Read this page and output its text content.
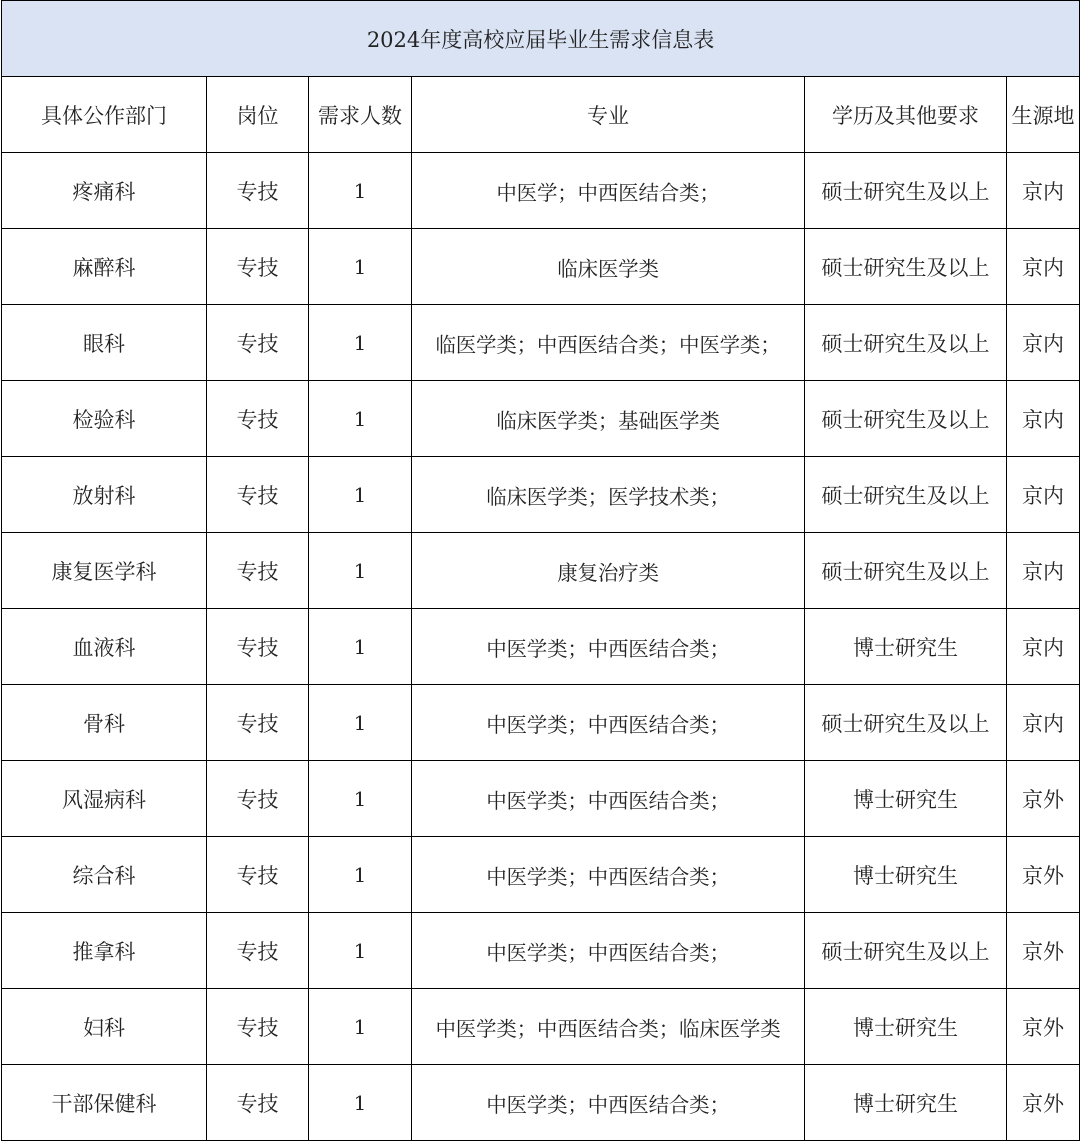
2024年度高校应届毕业生需求信息表					
具体公作部门	岗位	需求人数	专业	学历及其他要求	生源地
疼痛科	专技	1	中医学；中西医结合类；	硕士研究生及以上	京内
麻醉科	专技	1	临床医学类	硕士研究生及以上	京内
眼科	专技	1	临医学类；中西医结合类；中医学类；	硕士研究生及以上	京内
检验科	专技	1	临床医学类；基础医学类	硕士研究生及以上	京内
放射科	专技	1	临床医学类；医学技术类；	硕士研究生及以上	京内
康复医学科	专技	1	康复治疗类	硕士研究生及以上	京内
血液科	专技	1	中医学类；中西医结合类；	博士研究生	京内
骨科	专技	1	中医学类；中西医结合类；	硕士研究生及以上	京内
风湿病科	专技	1	中医学类；中西医结合类；	博士研究生	京外
综合科	专技	1	中医学类；中西医结合类；	博士研究生	京外
推拿科	专技	1	中医学类；中西医结合类；	硕士研究生及以上	京外
妇科	专技	1	中医学类；中西医结合类；临床医学类	博士研究生	京外
干部保健科	专技	1	中医学类；中西医结合类；	博士研究生	京外
